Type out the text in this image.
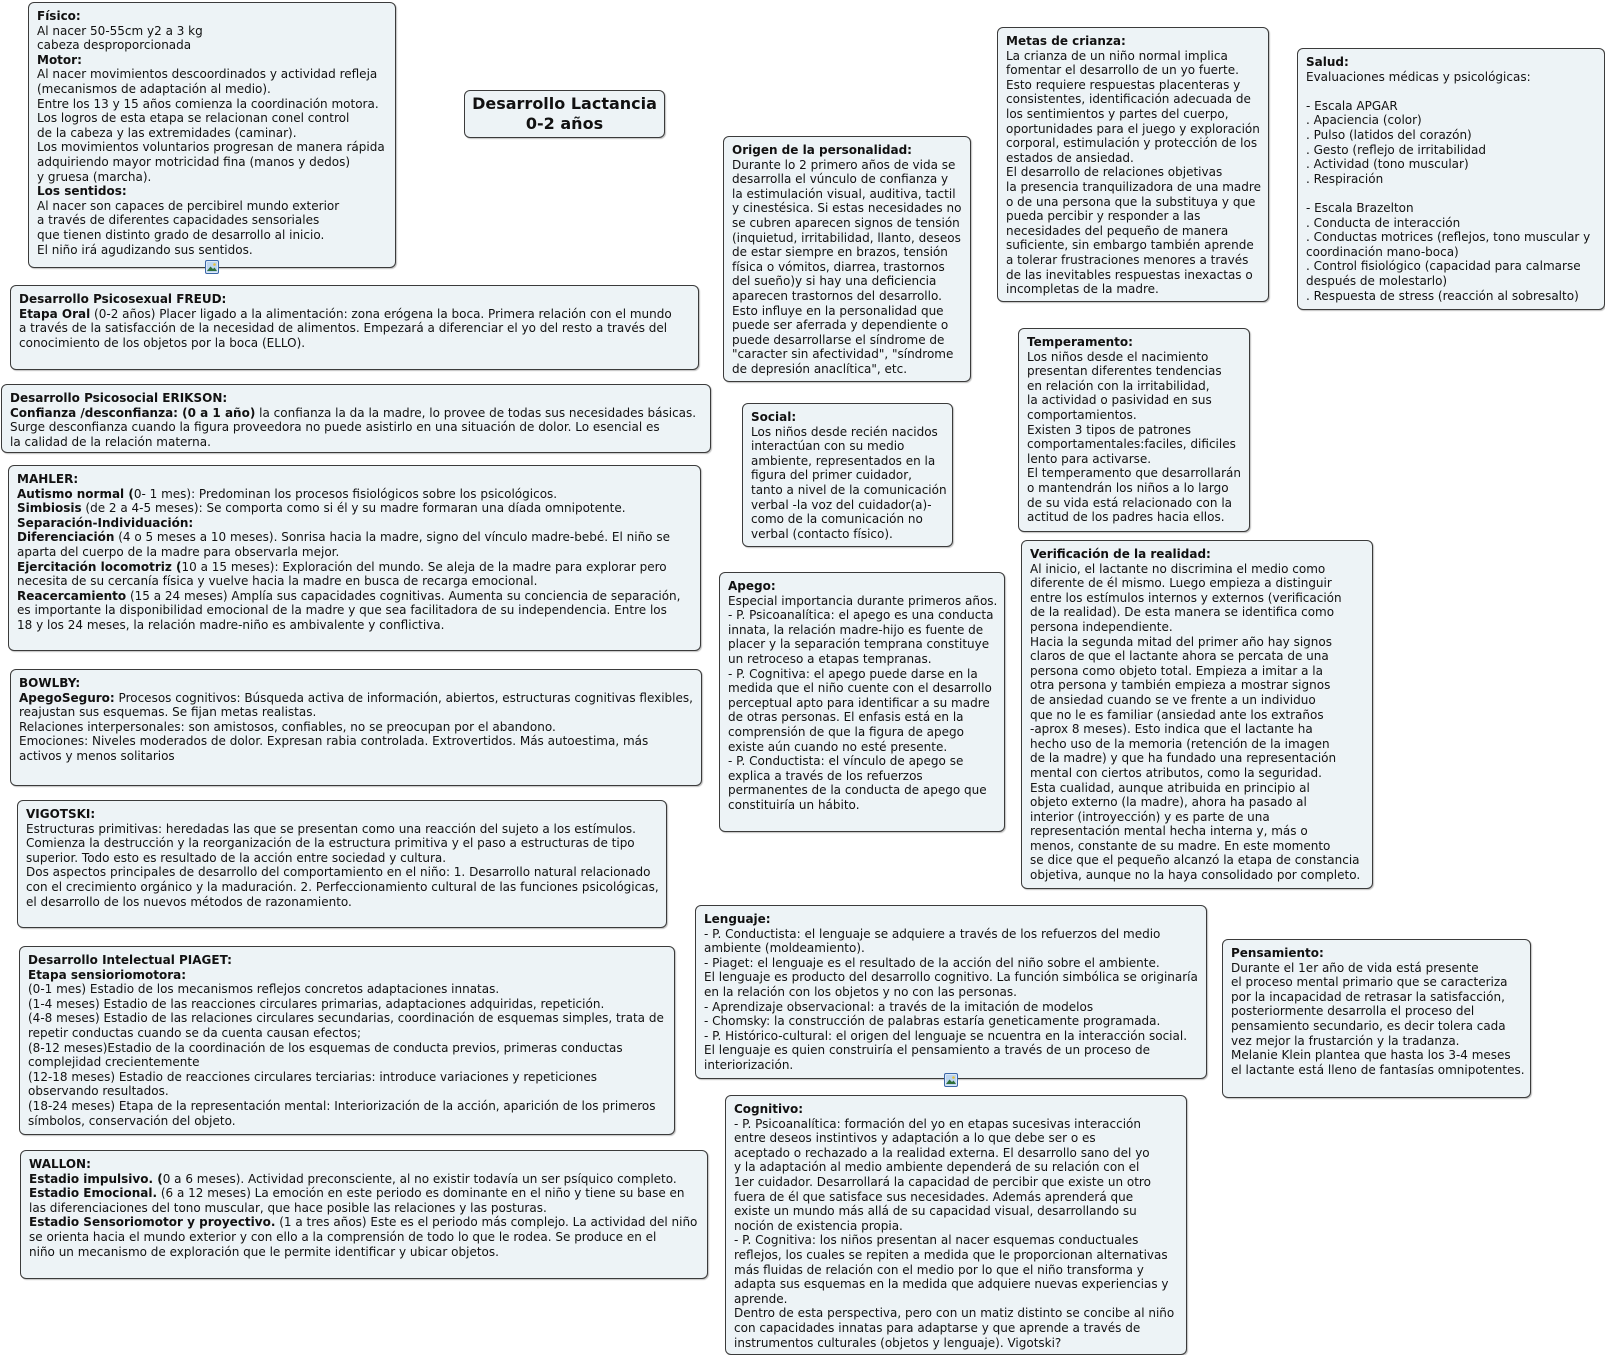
Desarrollo Lactancia
0-2 años
Físico:
Al nacer 50-55cm y2 a 3 kg
cabeza desproporcionada
Motor:
Al nacer movimientos descoordinados y actividad refleja
(mecanismos de adaptación al medio).
Entre los 13 y 15 años comienza la coordinación motora.
Los logros de esta etapa se relacionan conel control
de la cabeza y las extremidades (caminar).
Los movimientos voluntarios progresan de manera rápida
adquiriendo mayor motricidad fina (manos y dedos)
y gruesa (marcha).
Los sentidos:
Al nacer son capaces de percibirel mundo exterior
a través de diferentes capacidades sensoriales
que tienen distinto grado de desarrollo al inicio.
El niño irá agudizando sus sentidos.
Desarrollo Psicosexual FREUD:
Etapa Oral (0-2 años) Placer ligado a la alimentación: zona erógena la boca. Primera relación con el mundo
a través de la satisfacción de la necesidad de alimentos. Empezará a diferenciar el yo del resto a través del
conocimiento de los objetos por la boca (ELLO).
Desarrollo Psicosocial ERIKSON:
Confianza /desconfianza: (0 a 1 año) la confianza la da la madre, lo provee de todas sus necesidades básicas.
Surge desconfianza cuando la figura proveedora no puede asistirlo en una situación de dolor. Lo esencial es
la calidad de la relación materna.
MAHLER:
Autismo normal (0- 1 mes): Predominan los procesos fisiológicos sobre los psicológicos.
Simbiosis (de 2 a 4-5 meses): Se comporta como si él y su madre formaran una díada omnipotente.
Separación-Individuación:
Diferenciación (4 o 5 meses a 10 meses). Sonrisa hacia la madre, signo del vínculo madre-bebé. El niño se
aparta del cuerpo de la madre para observarla mejor.
Ejercitación locomotriz (10 a 15 meses): Exploración del mundo. Se aleja de la madre para explorar pero
necesita de su cercanía física y vuelve hacia la madre en busca de recarga emocional.
Reacercamiento (15 a 24 meses) Amplía sus capacidades cognitivas. Aumenta su conciencia de separación,
es importante la disponibilidad emocional de la madre y que sea facilitadora de su independencia. Entre los
18 y los 24 meses, la relación madre-niño es ambivalente y conflictiva.
BOWLBY:
ApegoSeguro: Procesos cognitivos: Búsqueda activa de información, abiertos, estructuras cognitivas flexibles,
reajustan sus esquemas. Se fijan metas realistas.
Relaciones interpersonales: son amistosos, confiables, no se preocupan por el abandono.
Emociones: Niveles moderados de dolor. Expresan rabia controlada. Extrovertidos. Más autoestima, más
activos y menos solitarios
VIGOTSKI:
Estructuras primitivas: heredadas las que se presentan como una reacción del sujeto a los estímulos.
Comienza la destrucción y la reorganización de la estructura primitiva y el paso a estructuras de tipo
superior. Todo esto es resultado de la acción entre sociedad y cultura.
Dos aspectos principales de desarrollo del comportamiento en el niño: 1. Desarrollo natural relacionado
con el crecimiento orgánico y la maduración. 2. Perfeccionamiento cultural de las funciones psicológicas,
el desarrollo de los nuevos métodos de razonamiento.
Desarrollo Intelectual PIAGET:
Etapa sensioriomotora:
(0-1 mes) Estadio de los mecanismos reflejos concretos adaptaciones innatas.
(1-4 meses) Estadio de las reacciones circulares primarias, adaptaciones adquiridas, repetición.
(4-8 meses) Estadio de las relaciones circulares secundarias, coordinación de esquemas simples, trata de
repetir conductas cuando se da cuenta causan efectos;
(8-12 meses)Estadio de la coordinación de los esquemas de conducta previos, primeras conductas
complejidad crecientemente
(12-18 meses) Estadio de reacciones circulares terciarias: introduce variaciones y repeticiones
observando resultados.
(18-24 meses) Etapa de la representación mental: Interiorización de la acción, aparición de los primeros
símbolos, conservación del objeto.
WALLON:
Estadio impulsivo. (0 a 6 meses). Actividad preconsciente, al no existir todavía un ser psíquico completo.
Estadio Emocional. (6 a 12 meses) La emoción en este periodo es dominante en el niño y tiene su base en
las diferenciaciones del tono muscular, que hace posible las relaciones y las posturas.
Estadio Sensoriomotor y proyectivo. (1 a tres años) Este es el periodo más complejo. La actividad del niño
se orienta hacia el mundo exterior y con ello a la comprensión de todo lo que le rodea. Se produce en el
niño un mecanismo de exploración que le permite identificar y ubicar objetos.
Origen de la personalidad:
Durante lo 2 primero años de vida se
desarrolla el vúnculo de confianza y
la estimulación visual, auditiva, tactil
y cinestésica. Si estas necesidades no
se cubren aparecen signos de tensión
(inquietud, irritabilidad, llanto, deseos
de estar siempre en brazos, tensión
física o vómitos, diarrea, trastornos
del sueño)y si hay una deficiencia
aparecen trastornos del desarrollo.
Esto influye en la personalidad que
puede ser aferrada y dependiente o
puede desarrollarse el síndrome de
"caracter sin afectividad", "síndrome
de depresión anaclítica", etc.
Social:
Los niños desde recién nacidos
interactúan con su medio
ambiente, representados en la
figura del primer cuidador,
tanto a nivel de la comunicación
verbal -la voz del cuidador(a)-
como de la comunicación no
verbal (contacto físico).
Apego:
Especial importancia durante primeros años.
- P. Psicoanalítica: el apego es una conducta
innata, la relación madre-hijo es fuente de
placer y la separación temprana constituye
un retroceso a etapas tempranas.
- P. Cognitiva: el apego puede darse en la
medida que el niño cuente con el desarrollo
perceptual apto para identificar a su madre
de otras personas. El enfasis está en la
comprensión de que la figura de apego
existe aún cuando no esté presente.
- P. Conductista: el vínculo de apego se
explica a través de los refuerzos
permanentes de la conducta de apego que
constituiría un hábito.
Lenguaje:
- P. Conductista: el lenguaje se adquiere a través de los refuerzos del medio
ambiente (moldeamiento).
- Piaget: el lenguaje es el resultado de la acción del niño sobre el ambiente.
El lenguaje es producto del desarrollo cognitivo. La función simbólica se originaría
en la relación con los objetos y no con las personas.
- Aprendizaje observacional: a través de la imitación de modelos
- Chomsky: la construcción de palabras estaría geneticamente programada.
- P. Histórico-cultural: el origen del lenguaje se ncuentra en la interacción social.
El lenguaje es quien construiría el pensamiento a través de un proceso de
interiorización.
Cognitivo:
- P. Psicoanalítica: formación del yo en etapas sucesivas interacción
entre deseos instintivos y adaptación a lo que debe ser o es
aceptado o rechazado a la realidad externa. El desarrollo sano del yo
y la adaptación al medio ambiente dependerá de su relación con el
1er cuidador. Desarrollará la capacidad de percibir que existe un otro
fuera de él que satisface sus necesidades. Además aprenderá que
existe un mundo más allá de su capacidad visual, desarrollando su
noción de existencia propia.
- P. Cognitiva: los niños presentan al nacer esquemas conductuales
reflejos, los cuales se repiten a medida que le proporcionan alternativas
más fluidas de relación con el medio por lo que el niño transforma y
adapta sus esquemas en la medida que adquiere nuevas experiencias y
aprende.
Dentro de esta perspectiva, pero con un matiz distinto se concibe al niño
con capacidades innatas para adaptarse y que aprende a través de
instrumentos culturales (objetos y lenguaje). Vigotski?
Metas de crianza:
La crianza de un niño normal implica
fomentar el desarrollo de un yo fuerte.
Esto requiere respuestas placenteras y
consistentes, identificación adecuada de
los sentimientos y partes del cuerpo,
oportunidades para el juego y exploración
corporal, estimulación y protección de los
estados de ansiedad.
El desarrollo de relaciones objetivas
la presencia tranquilizadora de una madre
o de una persona que la substituya y que
pueda percibir y responder a las
necesidades del pequeño de manera
suficiente, sin embargo también aprende
a tolerar frustraciones menores a través
de las inevitables respuestas inexactas o
incompletas de la madre.
Temperamento:
Los niños desde el nacimiento
presentan diferentes tendencias
en relación con la irritabilidad,
la actividad o pasividad en sus
comportamientos.
Existen 3 tipos de patrones
comportamentales:faciles, dificiles
lento para activarse.
El temperamento que desarrollarán
o mantendrán los niños a lo largo
de su vida está relacionado con la
actitud de los padres hacia ellos.
Verificación de la realidad:
Al inicio, el lactante no discrimina el medio como
diferente de él mismo. Luego empieza a distinguir
entre los estímulos internos y externos (verificación
de la realidad). De esta manera se identifica como
persona independiente.
Hacia la segunda mitad del primer año hay signos
claros de que el lactante ahora se percata de una
persona como objeto total. Empieza a imitar a la
otra persona y también empieza a mostrar signos
de ansiedad cuando se ve frente a un individuo
que no le es familiar (ansiedad ante los extraños
-aprox 8 meses). Esto indica que el lactante ha
hecho uso de la memoria (retención de la imagen
de la madre) y que ha fundado una representación
mental con ciertos atributos, como la seguridad.
Esta cualidad, aunque atribuida en principio al
objeto externo (la madre), ahora ha pasado al
interior (introyección) y es parte de una
representación mental hecha interna y, más o
menos, constante de su madre. En este momento
se dice que el pequeño alcanzó la etapa de constancia
objetiva, aunque no la haya consolidado por completo.
Salud:
Evaluaciones médicas y psicológicas:
- Escala APGAR
. Apaciencia (color)
. Pulso (latidos del corazón)
. Gesto (reflejo de irritabilidad
. Actividad (tono muscular)
. Respiración
- Escala Brazelton
. Conducta de interacción
. Conductas motrices (reflejos, tono muscular y
coordinación mano-boca)
. Control fisiológico (capacidad para calmarse
después de molestarlo)
. Respuesta de stress (reacción al sobresalto)
Pensamiento:
Durante el 1er año de vida está presente
el proceso mental primario que se caracteriza
por la incapacidad de retrasar la satisfacción,
posteriormente desarrolla el proceso del
pensamiento secundario, es decir tolera cada
vez mejor la frustarción y la tradanza.
Melanie Klein plantea que hasta los 3-4 meses
el lactante está lleno de fantasías omnipotentes.
